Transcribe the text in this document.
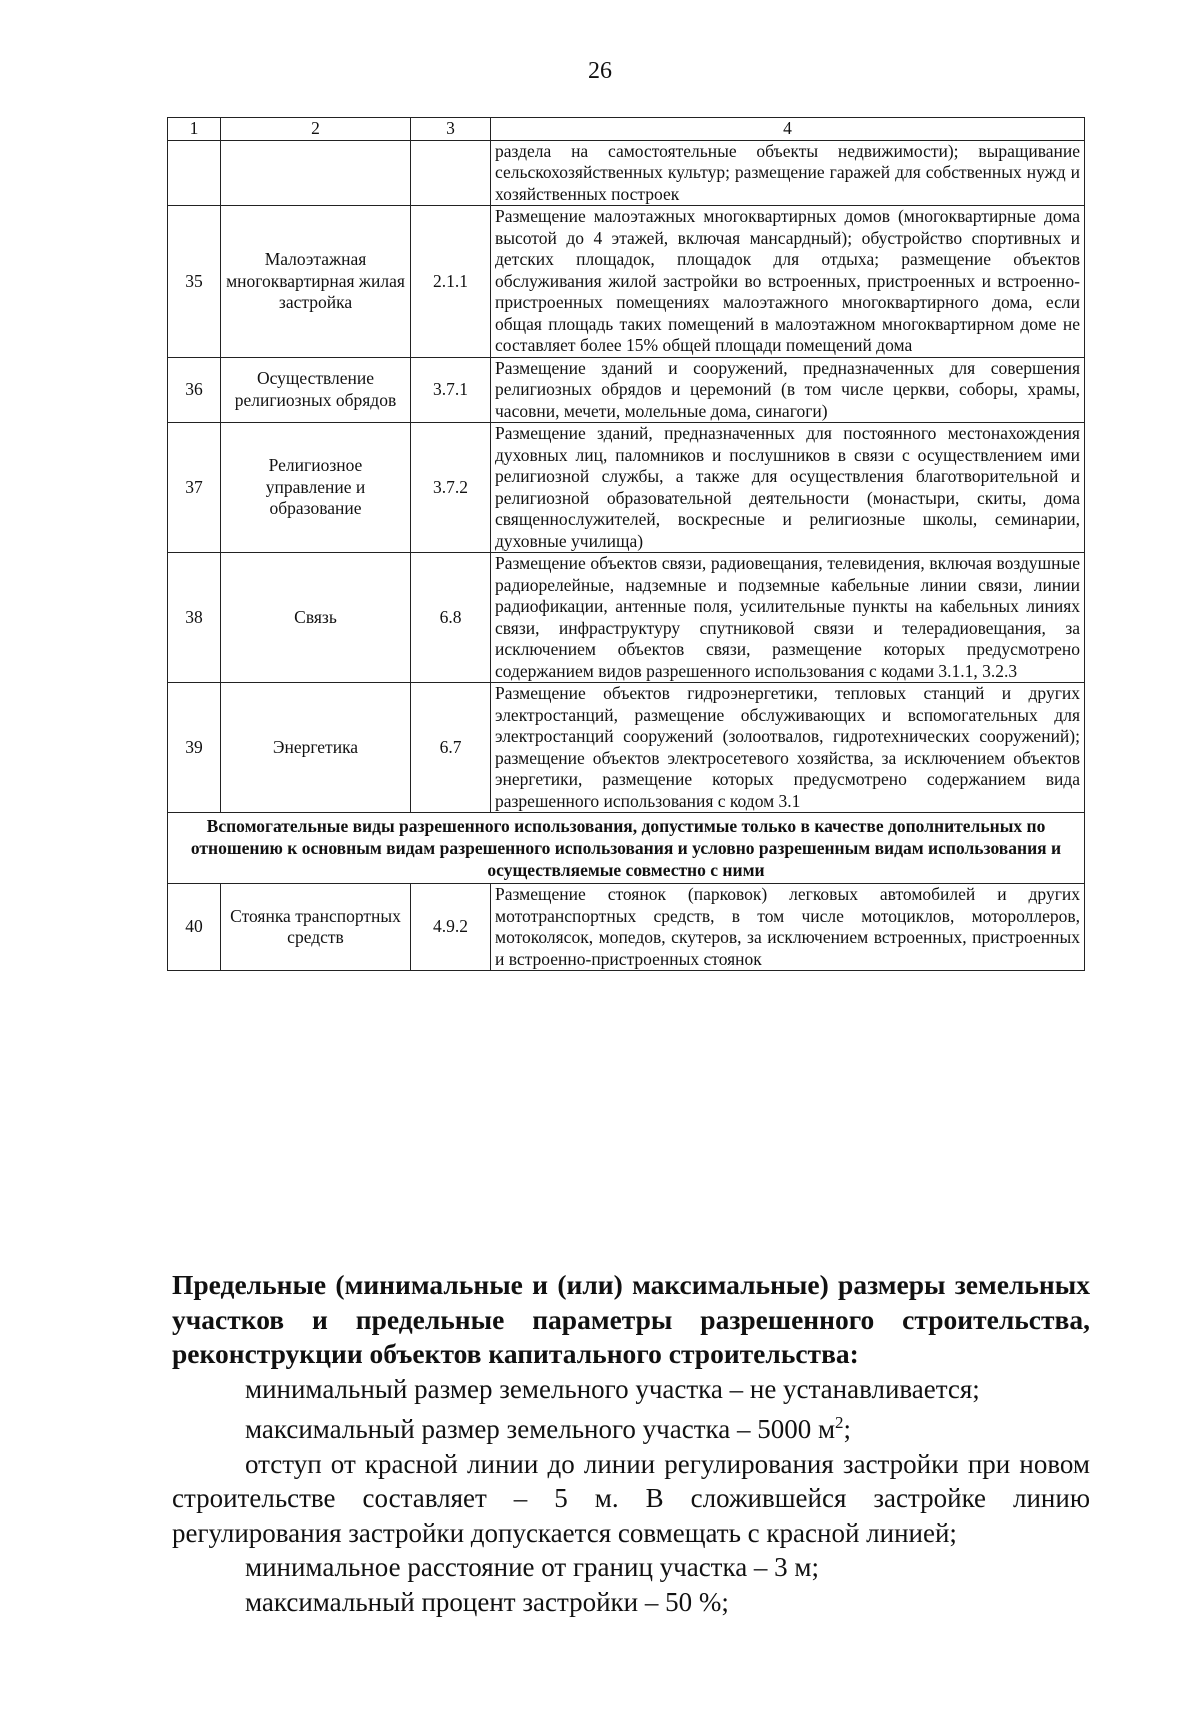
26
1	2	3	4
			раздела на самостоятельные объекты недвижимости); выращивание сельскохозяйственных культур; размещение гаражей для собственных нужд и хозяйственных построек
35	Малоэтажная многоквартирная жилая застройка	2.1.1	Размещение малоэтажных многоквартирных домов (многоквартирные дома высотой до 4 этажей, включая мансардный); обустройство спортивных и детских площадок, площадок для отдыха; размещение объектов обслуживания жилой застройки во встроенных, пристроенных и встроенно-пристроенных помещениях малоэтажного многоквартирного дома, если общая площадь таких помещений в малоэтажном многоквартирном доме не составляет более 15% общей площади помещений дома
36	Осуществление религиозных обрядов	3.7.1	Размещение зданий и сооружений, предназначенных для совершения религиозных обрядов и церемоний (в том числе церкви, соборы, храмы, часовни, мечети, молельные дома, синагоги)
37	Религиозное управление и образование	3.7.2	Размещение зданий, предназначенных для постоянного местонахождения духовных лиц, паломников и послушников в связи с осуществлением ими религиозной службы, а также для осуществления благотворительной и религиозной образовательной деятельности (монастыри, скиты, дома священнослужителей, воскресные и религиозные школы, семинарии, духовные училища)
38	Связь	6.8	Размещение объектов связи, радиовещания, телевидения, включая воздушные радиорелейные, надземные и подземные кабельные линии связи, линии радиофикации, антенные поля, усилительные пункты на кабельных линиях связи, инфраструктуру спутниковой связи и телерадиовещания, за исключением объектов связи, размещение которых предусмотрено содержанием видов разрешенного использования с кодами 3.1.1, 3.2.3
39	Энергетика	6.7	Размещение объектов гидроэнергетики, тепловых станций и других электростанций, размещение обслуживающих и вспомогательных для электростанций сооружений (золоотвалов, гидротехнических сооружений); размещение объектов электросетевого хозяйства, за исключением объектов энергетики, размещение которых предусмотрено содержанием вида разрешенного использования с кодом 3.1
Вспомогательные виды разрешенного использования, допустимые только в качестве дополнительных по отношению к основным видам разрешенного использования и условно разрешенным видам использования и осуществляемые совместно с ними			
40	Стоянка транспортных средств	4.9.2	Размещение стоянок (парковок) легковых автомобилей и других мототранспортных средств, в том числе мотоциклов, мотороллеров, мотоколясок, мопедов, скутеров, за исключением встроенных, пристроенных и встроенно-пристроенных стоянок
Предельные (минимальные и (или) максимальные) размеры земельных участков и предельные параметры разрешенного строительства, реконструкции объектов капитального строительства:
минимальный размер земельного участка – не устанавливается;
максимальный размер земельного участка – 5000 $м^2$;
отступ от красной линии до линии регулирования застройки при новом строительстве составляет – 5 м. В сложившейся застройке линию регулирования застройки допускается совмещать с красной линией;
минимальное расстояние от границ участка – 3 м;
максимальный процент застройки – 50 %;
